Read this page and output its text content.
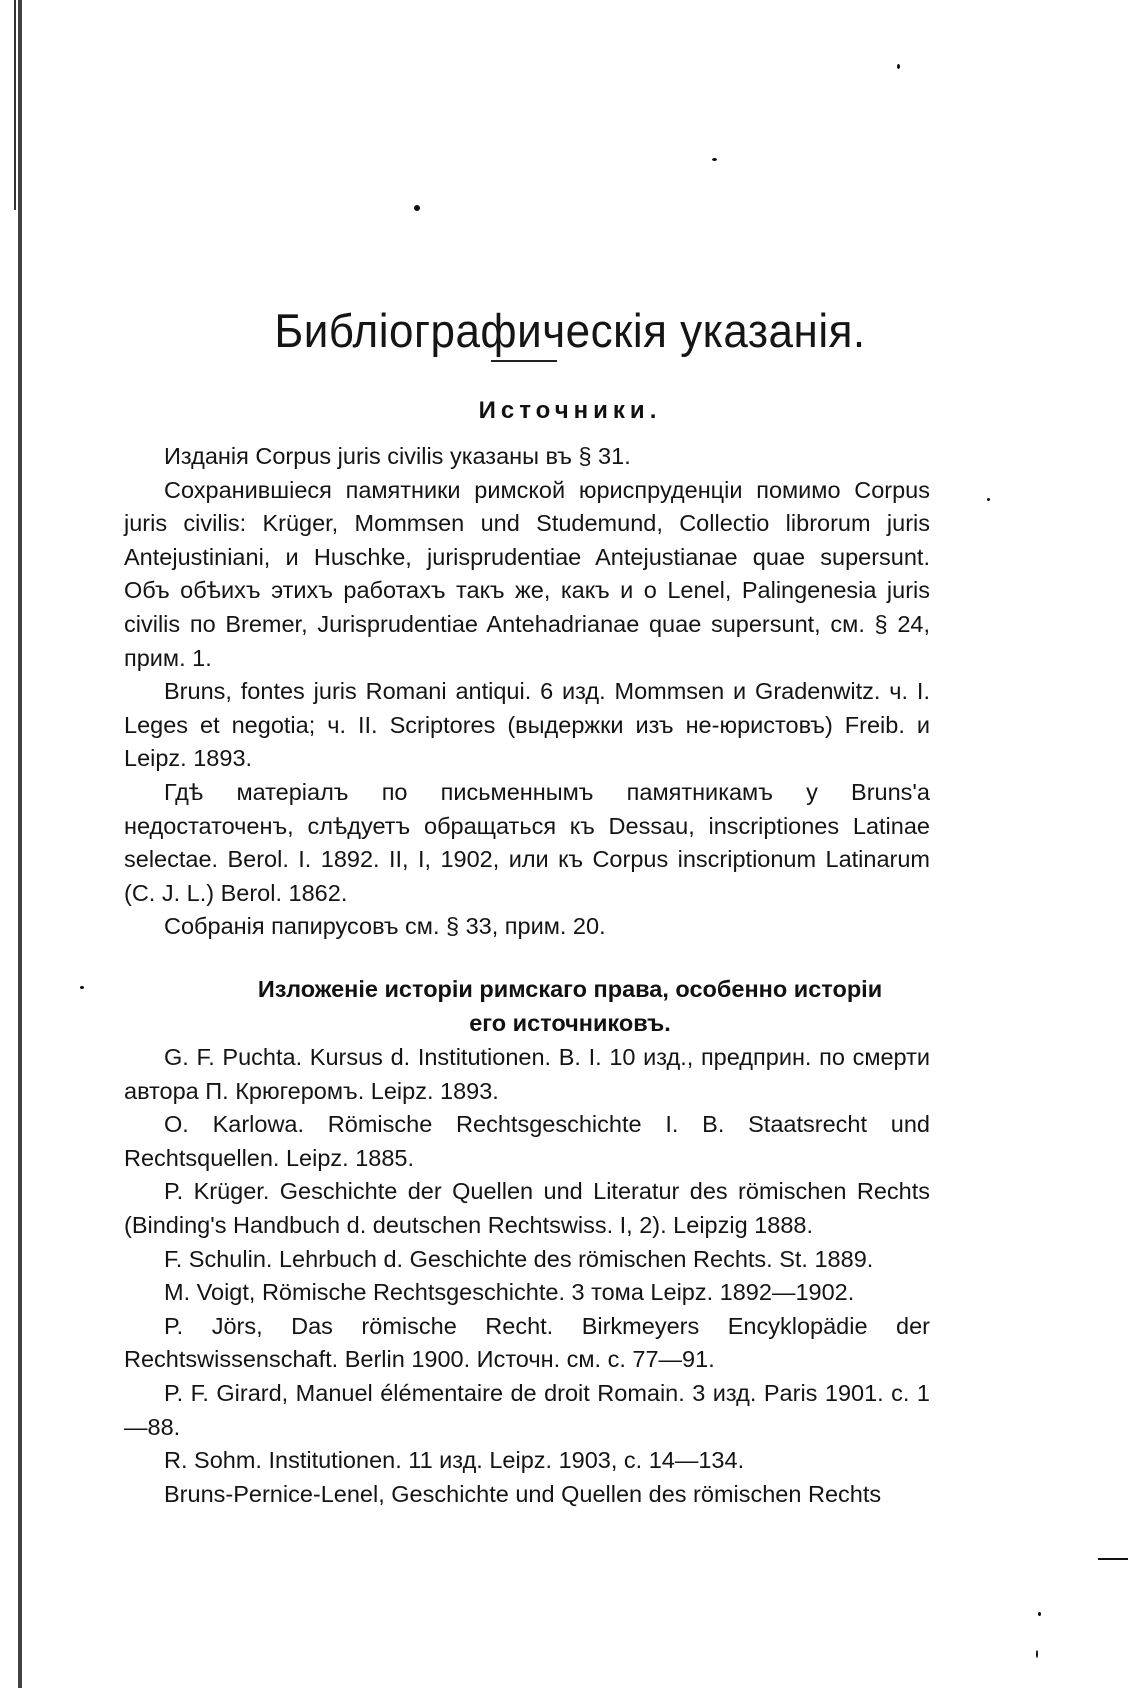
Библіографическія указанія.
Источники.

Изданія Corpus juris civilis указаны въ § 31.

Сохранившіеся памятники римской юриспруденціи помимо Corpus juris civilis: Krüger, Mommsen und Studemund, Collectio librorum juris Antejustiniani, и Huschke, jurisprudentiae Antejustianae quae supersunt. Объ обѣихъ этихъ работахъ такъ же, какъ и о Lenel, Palingenesia juris civilis по Bremer, Jurisprudentiae Antehadrianae quae supersunt, см. § 24, прим. 1.

Bruns, fontes juris Romani antiqui. 6 изд. Mommsen и Gradenwitz. ч. I. Leges et negotia; ч. II. Scriptores (выдержки изъ не-юристовъ) Freib. и Leipz. 1893.

Гдѣ матеріалъ по письменнымъ памятникамъ у Bruns'а недостаточенъ, слѣдуетъ обращаться къ Dessau, inscriptiones Latinae selectae. Berol. I. 1892. II, I, 1902, или къ Corpus inscriptionum Latinarum (C. J. L.) Berol. 1862.

Собранія папирусовъ см. § 33, прим. 20.

Изложеніе исторіи римскаго права, особенно исторіи
его источниковъ.

G. F. Puchta. Kursus d. Institutionen. B. I. 10 изд., предприн. по смерти автора П. Крюгеромъ. Leipz. 1893.

O. Karlowa. Römische Rechtsgeschichte I. B. Staatsrecht und Rechtsquellen. Leipz. 1885.

P. Krüger. Geschichte der Quellen und Literatur des römischen Rechts (Binding's Handbuch d. deutschen Rechtswiss. I, 2). Leipzig 1888.

F. Schulin. Lehrbuch d. Geschichte des römischen Rechts. St. 1889.

M. Voigt, Römische Rechtsgeschichte. 3 тома Leipz. 1892—1902.

P. Jörs, Das römische Recht. Birkmeyers Encyklopädie der Rechtswissenschaft. Berlin 1900. Источн. см. с. 77—91.

P. F. Girard, Manuel élémentaire de droit Romain. 3 изд. Paris 1901. с. 1—88.

R. Sohm. Institutionen. 11 изд. Leipz. 1903, с. 14—134.

Bruns-Pernice-Lenel, Geschichte und Quellen des römischen Rechts
